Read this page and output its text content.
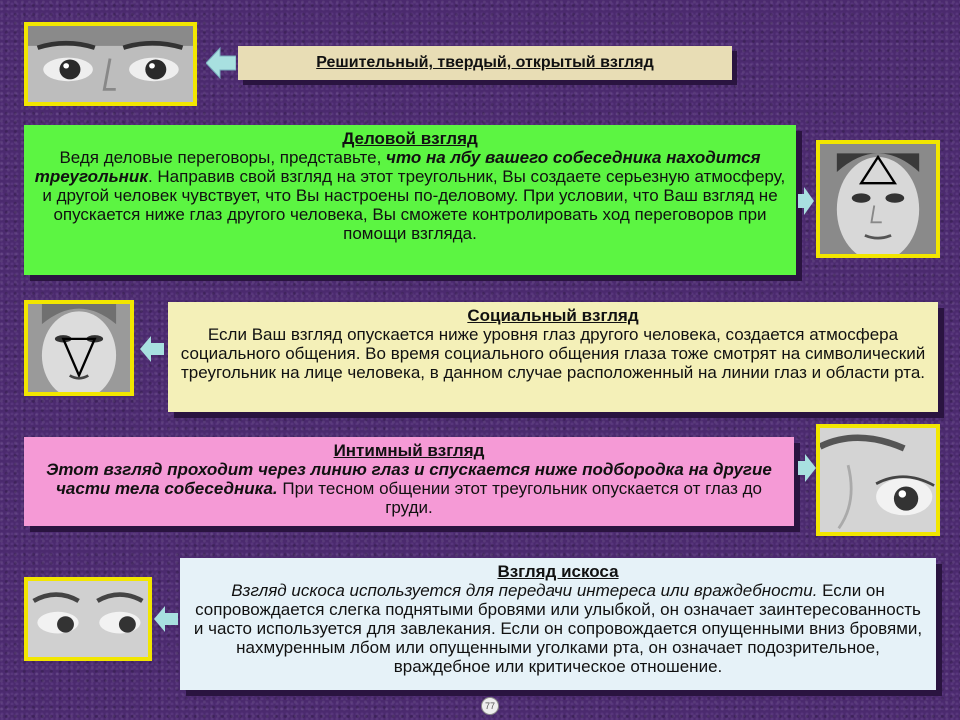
Решительный, твердый, открытый взгляд
Деловой взгляд
Ведя деловые переговоры, представьте, что на лбу вашего собеседника находится треугольник. Направив свой взгляд на этот треугольник, Вы создаете серьезную атмосферу, и другой человек чувствует, что Вы настроены по-деловому. При условии, что Ваш взгляд не опускается ниже глаз другого человека, Вы сможете контролировать ход переговоров при помощи взгляда.
Социальный взгляд
Если Ваш взгляд опускается ниже уровня глаз другого человека, создается атмосфера социального общения. Во время социального общения глаза тоже смотрят на символический треугольник на лице человека, в данном случае расположенный на линии глаз и области рта.
Интимный взгляд
Этот взгляд проходит через линию глаз и спускается ниже подбородка на другие части тела собеседника. При тесном общении этот треугольник опускается от глаз до груди.
Взгляд искоса
Взгляд искоса используется для передачи интереса или враждебности. Если он сопровождается слегка поднятыми бровями или улыбкой, он означает заинтересованность и часто используется для завлекания. Если он сопровождается опущенными вниз бровями, нахмуренным лбом или опущенными уголками рта, он означает подозрительное, враждебное или критическое отношение.
77
